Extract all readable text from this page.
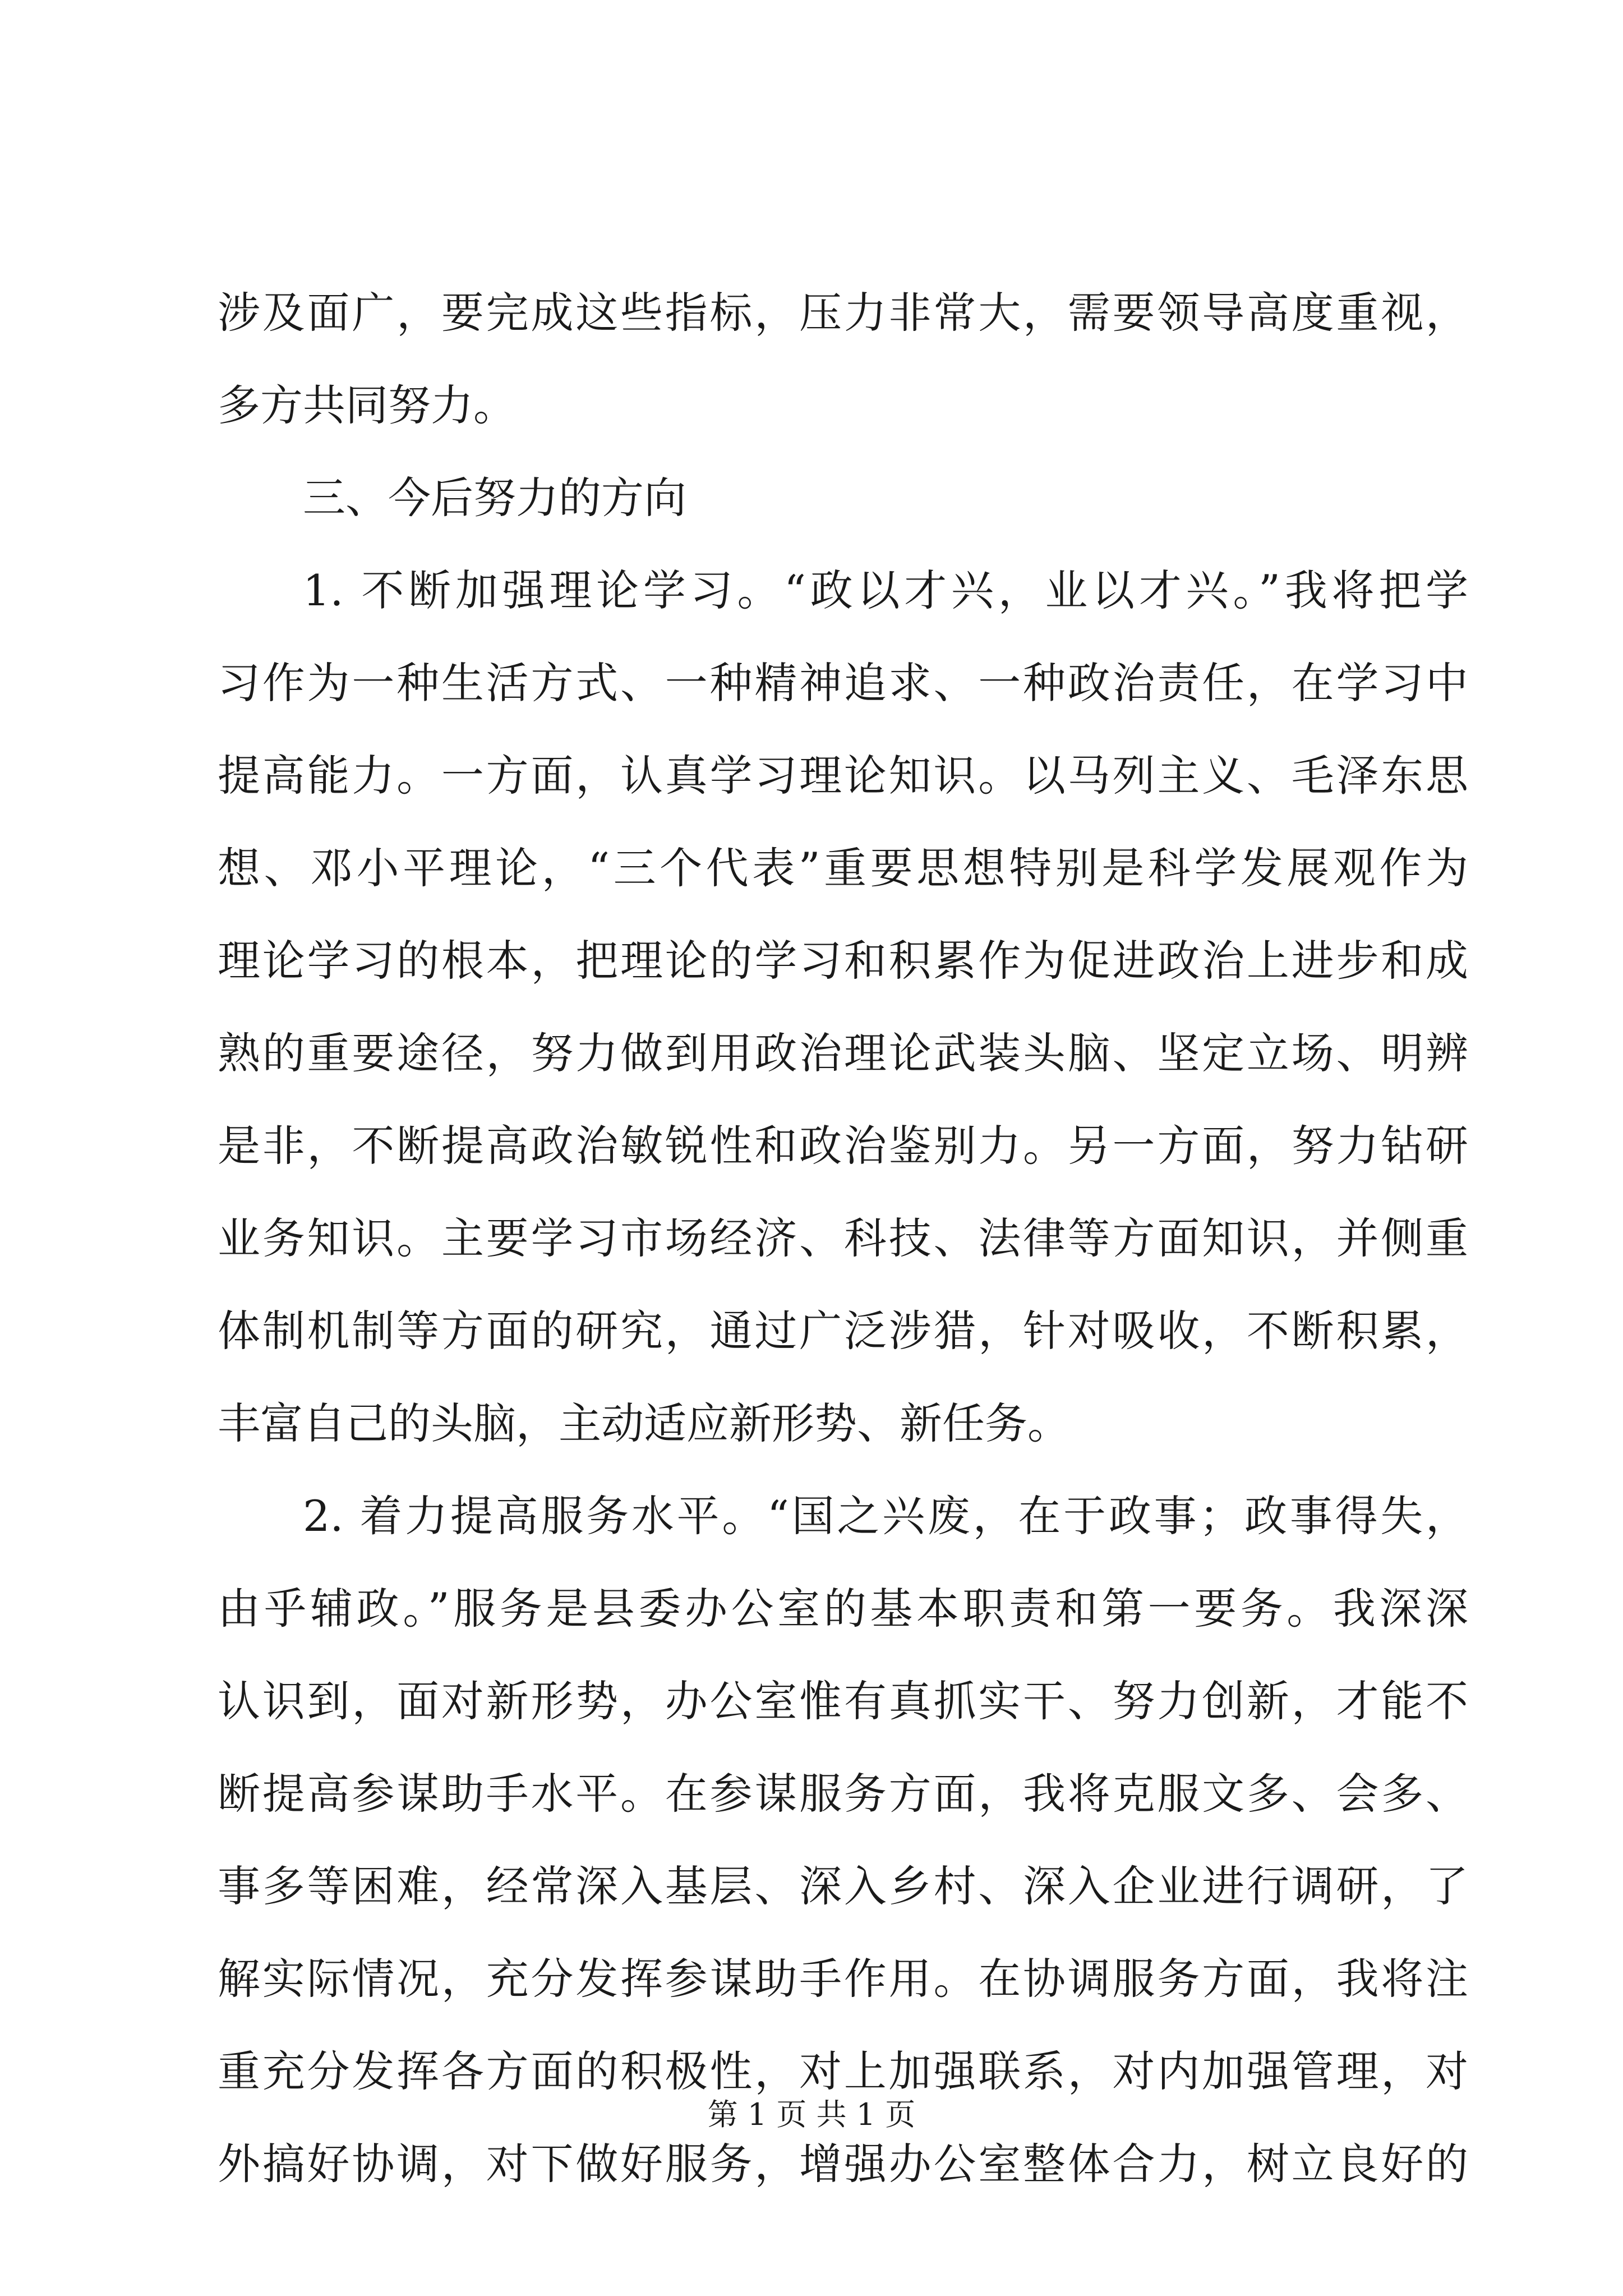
涉及面广，要完成这些指标，压力非常大，需要领导高度重视，
多方共同努力。
三、今后努力的方向
1. 不断加强理论学习。“政以才兴，业以才兴。”我将把学
习作为一种生活方式、一种精神追求、一种政治责任，在学习中
提高能力。一方面，认真学习理论知识。以马列主义、毛泽东思
想、邓小平理论，“三个代表”重要思想特别是科学发展观作为
理论学习的根本，把理论的学习和积累作为促进政治上进步和成
熟的重要途径，努力做到用政治理论武装头脑、坚定立场、明辨
是非，不断提高政治敏锐性和政治鉴别力。另一方面，努力钻研
业务知识。主要学习市场经济、科技、法律等方面知识，并侧重
体制机制等方面的研究，通过广泛涉猎，针对吸收，不断积累，
丰富自己的头脑，主动适应新形势、新任务。
2. 着力提高服务水平。“国之兴废，在于政事；政事得失，
由乎辅政。”服务是县委办公室的基本职责和第一要务。我深深
认识到，面对新形势，办公室惟有真抓实干、努力创新，才能不
断提高参谋助手水平。在参谋服务方面，我将克服文多、会多、
事多等困难，经常深入基层、深入乡村、深入企业进行调研，了
解实际情况，充分发挥参谋助手作用。在协调服务方面，我将注
重充分发挥各方面的积极性，对上加强联系，对内加强管理，对
外搞好协调，对下做好服务，增强办公室整体合力，树立良好的
第 1 页 共 1 页
